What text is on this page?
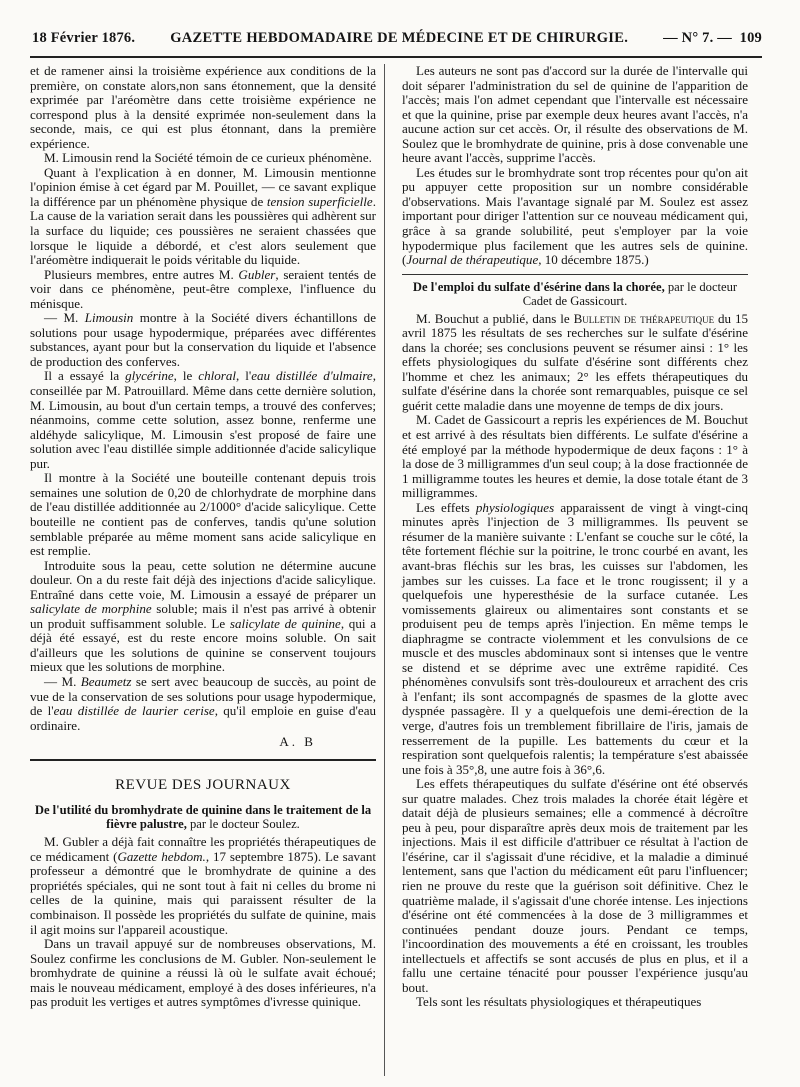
18 Février 1876. GAZETTE HEBDOMADAIRE DE MÉDECINE ET DE CHIRURGIE. — N° 7. — 109

et de ramener ainsi la troisième expérience aux conditions de la première, on constate alors,non sans étonnement, que la densité exprimée par l'aréomètre dans cette troisième expérience ne correspond plus à la densité exprimée non-seulement dans la seconde, mais, ce qui est plus étonnant, dans la première expérience.

M. Limousin rend la Société témoin de ce curieux phénomène.

Quant à l'explication à en donner, M. Limousin mentionne l'opinion émise à cet égard par M. Pouillet, — ce savant explique la différence par un phénomène physique de tension superficielle. La cause de la variation serait dans les poussières qui adhèrent sur la surface du liquide; ces poussières ne seraient chassées que lorsque le liquide a débordé, et c'est alors seulement que l'aréomètre indiquerait le poids véritable du liquide.

Plusieurs membres, entre autres M. Gubler, seraient tentés de voir dans ce phénomène, peut-être complexe, l'influence du ménisque.

— M. Limousin montre à la Société divers échantillons de solutions pour usage hypodermique, préparées avec différentes substances, ayant pour but la conservation du liquide et l'absence de production des conferves.

Il a essayé la glycérine, le chloral, l'eau distillée d'ulmaire, conseillée par M. Patrouillard. Même dans cette dernière solution, M. Limousin, au bout d'un certain temps, a trouvé des conferves; néanmoins, comme cette solution, assez bonne, renferme une aldéhyde salicylique, M. Limousin s'est proposé de faire une solution avec l'eau distillée simple additionnée d'acide salicylique pur.

Il montre à la Société une bouteille contenant depuis trois semaines une solution de 0,20 de chlorhydrate de morphine dans de l'eau distillée additionnée au 2/1000° d'acide salicylique. Cette bouteille ne contient pas de conferves, tandis qu'une solution semblable préparée au même moment sans acide salicylique en est remplie.

Introduite sous la peau, cette solution ne détermine aucune douleur. On a du reste fait déjà des injections d'acide salicylique. Entraîné dans cette voie, M. Limousin a essayé de préparer un salicylate de morphine soluble; mais il n'est pas arrivé à obtenir un produit suffisamment soluble. Le salicylate de quinine, qui a déjà été essayé, est du reste encore moins soluble. On sait d'ailleurs que les solutions de quinine se conservent toujours mieux que les solutions de morphine.

— M. Beaumetz se sert avec beaucoup de succès, au point de vue de la conservation de ses solutions pour usage hypodermique, de l'eau distillée de laurier cerise, qu'il emploie en guise d'eau ordinaire.

A. B

REVUE DES JOURNAUX
De l'utilité du bromhydrate de quinine dans le traitement de la fièvre palustre, par le docteur Soulez.

M. Gubler a déjà fait connaître les propriétés thérapeutiques de ce médicament (Gazette hebdom., 17 septembre 1875). Le savant professeur a démontré que le bromhydrate de quinine a des propriétés spéciales, qui ne sont tout à fait ni celles du brome ni celles de la quinine, mais qui paraissent résulter de la combinaison. Il possède les propriétés du sulfate de quinine, mais il agit moins sur l'appareil acoustique.

Dans un travail appuyé sur de nombreuses observations, M. Soulez confirme les conclusions de M. Gubler. Non-seulement le bromhydrate de quinine a réussi là où le sulfate avait échoué; mais le nouveau médicament, employé à des doses inférieures, n'a pas produit les vertiges et autres symptômes d'ivresse quinique.

Les auteurs ne sont pas d'accord sur la durée de l'intervalle qui doit séparer l'administration du sel de quinine de l'apparition de l'accès; mais l'on admet cependant que l'intervalle est nécessaire et que la quinine, prise par exemple deux heures avant l'accès, n'a aucune action sur cet accès. Or, il résulte des observations de M. Soulez que le bromhydrate de quinine, pris à dose convenable une heure avant l'accès, supprime l'accès.

Les études sur le bromhydrate sont trop récentes pour qu'on ait pu appuyer cette proposition sur un nombre considérable d'observations. Mais l'avantage signalé par M. Soulez est assez important pour diriger l'attention sur ce nouveau médicament qui, grâce à sa grande solubilité, peut s'employer par la voie hypodermique plus facilement que les autres sels de quinine. (Journal de thérapeutique, 10 décembre 1875.)

De l'emploi du sulfate d'ésérine dans la chorée, par le docteur Cadet de Gassicourt.

M. Bouchut a publié, dans le Bulletin de thérapeutique du 15 avril 1875 les résultats de ses recherches sur le sulfate d'ésérine dans la chorée; ses conclusions peuvent se résumer ainsi : 1° les effets physiologiques du sulfate d'ésérine sont différents chez l'homme et chez les animaux; 2° les effets thérapeutiques du sulfate d'ésérine dans la chorée sont remarquables, puisque ce sel guérit cette maladie dans une moyenne de temps de dix jours.

M. Cadet de Gassicourt a repris les expériences de M. Bouchut et est arrivé à des résultats bien différents. Le sulfate d'ésérine a été employé par la méthode hypodermique de deux façons : 1° à la dose de 3 milligrammes d'un seul coup; à la dose fractionnée de 1 milligramme toutes les heures et demie, la dose totale étant de 3 milligrammes.

Les effets physiologiques apparaissent de vingt à vingt-cinq minutes après l'injection de 3 milligrammes. Ils peuvent se résumer de la manière suivante : L'enfant se couche sur le côté, la tête fortement fléchie sur la poitrine, le tronc courbé en avant, les avant-bras fléchis sur les bras, les cuisses sur l'abdomen, les jambes sur les cuisses. La face et le tronc rougissent; il y a quelquefois une hyperesthésie de la surface cutanée. Les vomissements glaireux ou alimentaires sont constants et se produisent peu de temps après l'injection. En même temps le diaphragme se contracte violemment et les convulsions de ce muscle et des muscles abdominaux sont si intenses que le ventre se distend et se déprime avec une extrême rapidité. Ces phénomènes convulsifs sont très-douloureux et arrachent des cris à l'enfant; ils sont accompagnés de spasmes de la glotte avec dyspnée passagère. Il y a quelquefois une demi-érection de la verge, d'autres fois un tremblement fibrillaire de l'iris, jamais de resserrement de la pupille. Les battements du cœur et la respiration sont quelquefois ralentis; la température s'est abaissée une fois à 35°,8, une autre fois à 36°,6.

Les effets thérapeutiques du sulfate d'ésérine ont été observés sur quatre malades. Chez trois malades la chorée était légère et datait déjà de plusieurs semaines; elle a commencé à décroître peu à peu, pour disparaître après deux mois de traitement par les injections. Mais il est difficile d'attribuer ce résultat à l'action de l'ésérine, car il s'agissait d'une récidive, et la maladie a diminué lentement, sans que l'action du médicament eût paru l'influencer; rien ne prouve du reste que la guérison soit définitive. Chez le quatrième malade, il s'agissait d'une chorée intense. Les injections d'ésérine ont été commencées à la dose de 3 milligrammes et continuées pendant douze jours. Pendant ce temps, l'incoordination des mouvements a été en croissant, les troubles intellectuels et affectifs se sont accusés de plus en plus, et il a fallu une certaine ténacité pour pousser l'expérience jusqu'au bout.

Tels sont les résultats physiologiques et thérapeutiques
